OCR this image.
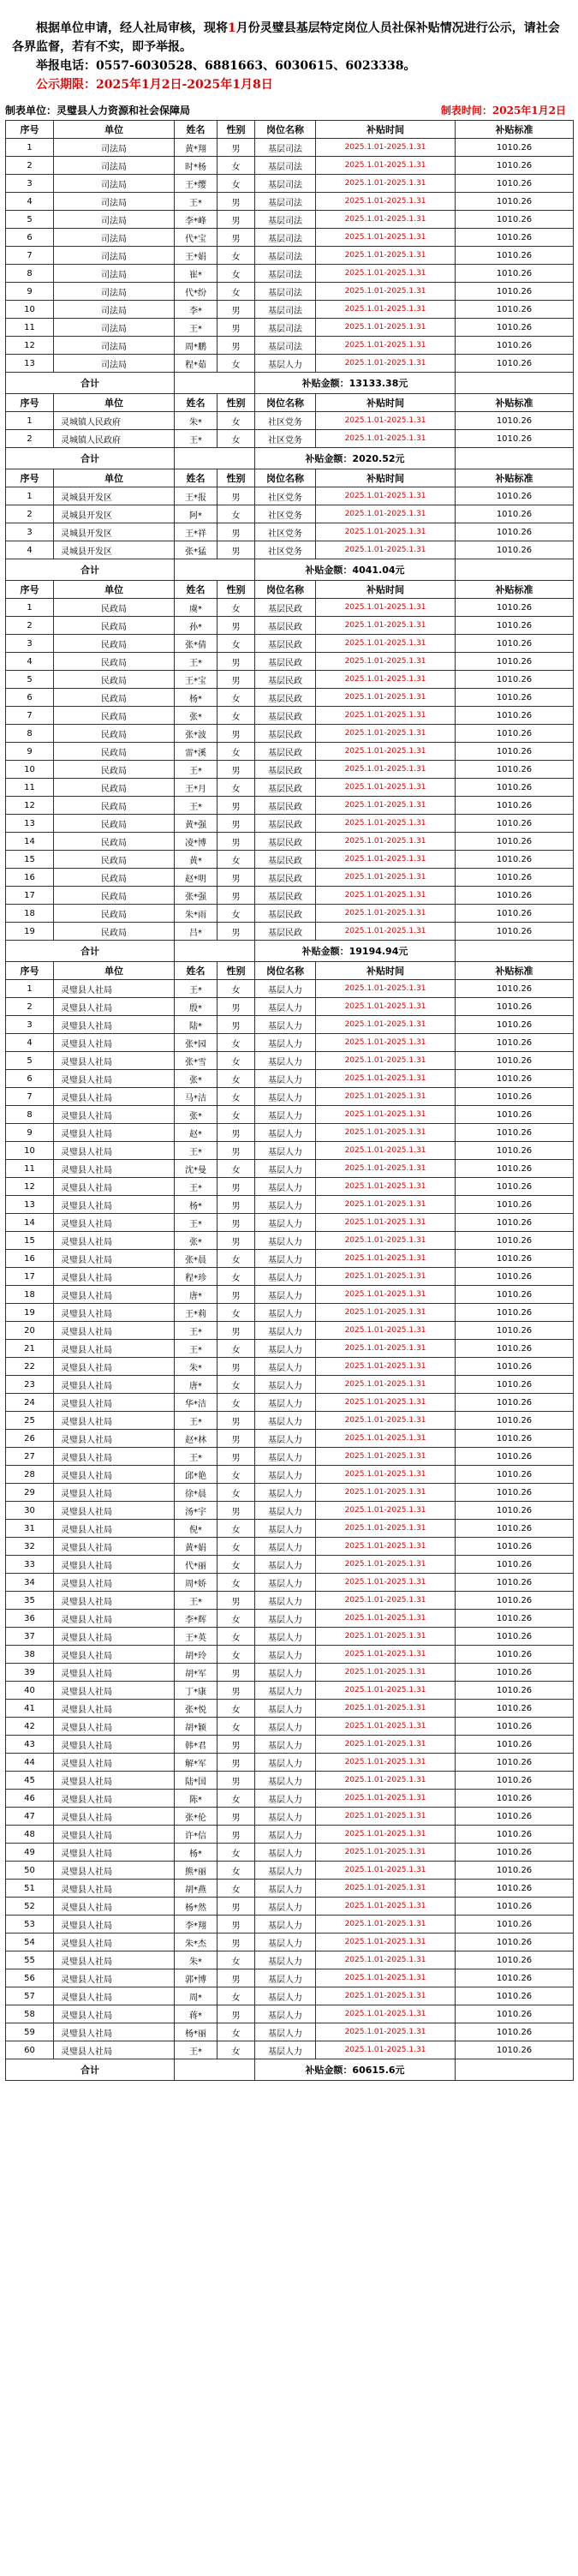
根据单位申请，经人社局审核，现将1月份灵璧县基层特定岗位人员社保补贴情况进行公示，请社会各界监督，若有不实，即予举报。

举报电话：0557-6030528、6881663、6030615、6023338。

公示期限：2025年1月2日-2025年1月8日

制表单位：灵璧县人力资源和社会保障局	制表时间：2025年1月2日
序号	单位	姓名	性别	岗位名称	补贴时间	补贴标准
1	司法局	黄*翔	男	基层司法	2025.1.01-2025.1.31	1010.26
2	司法局	时*杨	女	基层司法	2025.1.01-2025.1.31	1010.26
3	司法局	王*缨	女	基层司法	2025.1.01-2025.1.31	1010.26
4	司法局	王*	男	基层司法	2025.1.01-2025.1.31	1010.26
5	司法局	李*峰	男	基层司法	2025.1.01-2025.1.31	1010.26
6	司法局	代*宝	男	基层司法	2025.1.01-2025.1.31	1010.26
7	司法局	王*娟	女	基层司法	2025.1.01-2025.1.31	1010.26
8	司法局	崔*	女	基层司法	2025.1.01-2025.1.31	1010.26
9	司法局	代*纷	女	基层司法	2025.1.01-2025.1.31	1010.26
10	司法局	李*	男	基层司法	2025.1.01-2025.1.31	1010.26
11	司法局	王*	男	基层司法	2025.1.01-2025.1.31	1010.26
12	司法局	周*鹏	男	基层司法	2025.1.01-2025.1.31	1010.26
13	司法局	程*茹	女	基层人力	2025.1.01-2025.1.31	1010.26
合计				补贴金额：13133.38元		
序号	单位	姓名	性别	岗位名称	补贴时间	补贴标准
1	灵城镇人民政府	朱*	女	社区党务	2025.1.01-2025.1.31	1010.26
2	灵城镇人民政府	王*	女	社区党务	2025.1.01-2025.1.31	1010.26
合计				补贴金额：2020.52元		
序号	单位	姓名	性别	岗位名称	补贴时间	补贴标准
1	灵城县开发区	王*报	男	社区党务	2025.1.01-2025.1.31	1010.26
2	灵城县开发区	阿*	女	社区党务	2025.1.01-2025.1.31	1010.26
3	灵城县开发区	王*祥	男	社区党务	2025.1.01-2025.1.31	1010.26
4	灵城县开发区	张*猛	男	社区党务	2025.1.01-2025.1.31	1010.26
合计				补贴金额：4041.04元		
序号	单位	姓名	性别	岗位名称	补贴时间	补贴标准
1	民政局	虞*	女	基层民政	2025.1.01-2025.1.31	1010.26
2	民政局	孙*	男	基层民政	2025.1.01-2025.1.31	1010.26
3	民政局	张*倩	女	基层民政	2025.1.01-2025.1.31	1010.26
4	民政局	王*	男	基层民政	2025.1.01-2025.1.31	1010.26
5	民政局	王*宝	男	基层民政	2025.1.01-2025.1.31	1010.26
6	民政局	杨*	女	基层民政	2025.1.01-2025.1.31	1010.26
7	民政局	张*	女	基层民政	2025.1.01-2025.1.31	1010.26
8	民政局	张*波	男	基层民政	2025.1.01-2025.1.31	1010.26
9	民政局	雷*溪	女	基层民政	2025.1.01-2025.1.31	1010.26
10	民政局	王*	男	基层民政	2025.1.01-2025.1.31	1010.26
11	民政局	王*月	女	基层民政	2025.1.01-2025.1.31	1010.26
12	民政局	王*	男	基层民政	2025.1.01-2025.1.31	1010.26
13	民政局	黄*强	男	基层民政	2025.1.01-2025.1.31	1010.26
14	民政局	凌*博	男	基层民政	2025.1.01-2025.1.31	1010.26
15	民政局	黄*	女	基层民政	2025.1.01-2025.1.31	1010.26
16	民政局	赵*明	男	基层民政	2025.1.01-2025.1.31	1010.26
17	民政局	张*强	男	基层民政	2025.1.01-2025.1.31	1010.26
18	民政局	朱*雨	女	基层民政	2025.1.01-2025.1.31	1010.26
19	民政局	吕*	男	基层民政	2025.1.01-2025.1.31	1010.26
合计				补贴金额：19194.94元		
序号	单位	姓名	性别	岗位名称	补贴时间	补贴标准
1	灵璧县人社局	王*	女	基层人力	2025.1.01-2025.1.31	1010.26
2	灵璧县人社局	殷*	男	基层人力	2025.1.01-2025.1.31	1010.26
3	灵璧县人社局	陆*	男	基层人力	2025.1.01-2025.1.31	1010.26
4	灵璧县人社局	张*园	女	基层人力	2025.1.01-2025.1.31	1010.26
5	灵璧县人社局	张*雪	女	基层人力	2025.1.01-2025.1.31	1010.26
6	灵璧县人社局	张*	女	基层人力	2025.1.01-2025.1.31	1010.26
7	灵璧县人社局	马*洁	女	基层人力	2025.1.01-2025.1.31	1010.26
8	灵璧县人社局	张*	女	基层人力	2025.1.01-2025.1.31	1010.26
9	灵璧县人社局	赵*	男	基层人力	2025.1.01-2025.1.31	1010.26
10	灵璧县人社局	王*	男	基层人力	2025.1.01-2025.1.31	1010.26
11	灵璧县人社局	沈*曼	女	基层人力	2025.1.01-2025.1.31	1010.26
12	灵璧县人社局	王*	男	基层人力	2025.1.01-2025.1.31	1010.26
13	灵璧县人社局	杨*	男	基层人力	2025.1.01-2025.1.31	1010.26
14	灵璧县人社局	王*	男	基层人力	2025.1.01-2025.1.31	1010.26
15	灵璧县人社局	张*	男	基层人力	2025.1.01-2025.1.31	1010.26
16	灵璧县人社局	张*晨	女	基层人力	2025.1.01-2025.1.31	1010.26
17	灵璧县人社局	程*珍	女	基层人力	2025.1.01-2025.1.31	1010.26
18	灵璧县人社局	唐*	男	基层人力	2025.1.01-2025.1.31	1010.26
19	灵璧县人社局	王*莉	女	基层人力	2025.1.01-2025.1.31	1010.26
20	灵璧县人社局	王*	男	基层人力	2025.1.01-2025.1.31	1010.26
21	灵璧县人社局	王*	女	基层人力	2025.1.01-2025.1.31	1010.26
22	灵璧县人社局	朱*	男	基层人力	2025.1.01-2025.1.31	1010.26
23	灵璧县人社局	唐*	女	基层人力	2025.1.01-2025.1.31	1010.26
24	灵璧县人社局	华*洁	女	基层人力	2025.1.01-2025.1.31	1010.26
25	灵璧县人社局	王*	男	基层人力	2025.1.01-2025.1.31	1010.26
26	灵璧县人社局	赵*林	男	基层人力	2025.1.01-2025.1.31	1010.26
27	灵璧县人社局	王*	男	基层人力	2025.1.01-2025.1.31	1010.26
28	灵璧县人社局	邱*艳	女	基层人力	2025.1.01-2025.1.31	1010.26
29	灵璧县人社局	徐*晨	女	基层人力	2025.1.01-2025.1.31	1010.26
30	灵璧县人社局	汤*宇	男	基层人力	2025.1.01-2025.1.31	1010.26
31	灵璧县人社局	倪*	女	基层人力	2025.1.01-2025.1.31	1010.26
32	灵璧县人社局	黄*娟	女	基层人力	2025.1.01-2025.1.31	1010.26
33	灵璧县人社局	代*丽	女	基层人力	2025.1.01-2025.1.31	1010.26
34	灵璧县人社局	周*娇	女	基层人力	2025.1.01-2025.1.31	1010.26
35	灵璧县人社局	王*	男	基层人力	2025.1.01-2025.1.31	1010.26
36	灵璧县人社局	李*辉	女	基层人力	2025.1.01-2025.1.31	1010.26
37	灵璧县人社局	王*英	女	基层人力	2025.1.01-2025.1.31	1010.26
38	灵璧县人社局	胡*玲	女	基层人力	2025.1.01-2025.1.31	1010.26
39	灵璧县人社局	胡*军	男	基层人力	2025.1.01-2025.1.31	1010.26
40	灵璧县人社局	丁*康	男	基层人力	2025.1.01-2025.1.31	1010.26
41	灵璧县人社局	张*悦	女	基层人力	2025.1.01-2025.1.31	1010.26
42	灵璧县人社局	胡*颖	女	基层人力	2025.1.01-2025.1.31	1010.26
43	灵璧县人社局	韩*君	男	基层人力	2025.1.01-2025.1.31	1010.26
44	灵璧县人社局	解*军	男	基层人力	2025.1.01-2025.1.31	1010.26
45	灵璧县人社局	陆*国	男	基层人力	2025.1.01-2025.1.31	1010.26
46	灵璧县人社局	陈*	女	基层人力	2025.1.01-2025.1.31	1010.26
47	灵璧县人社局	张*伦	男	基层人力	2025.1.01-2025.1.31	1010.26
48	灵璧县人社局	许*信	男	基层人力	2025.1.01-2025.1.31	1010.26
49	灵璧县人社局	杨*	女	基层人力	2025.1.01-2025.1.31	1010.26
50	灵璧县人社局	熊*丽	女	基层人力	2025.1.01-2025.1.31	1010.26
51	灵璧县人社局	胡*燕	女	基层人力	2025.1.01-2025.1.31	1010.26
52	灵璧县人社局	杨*然	男	基层人力	2025.1.01-2025.1.31	1010.26
53	灵璧县人社局	李*翔	男	基层人力	2025.1.01-2025.1.31	1010.26
54	灵璧县人社局	朱*杰	男	基层人力	2025.1.01-2025.1.31	1010.26
55	灵璧县人社局	朱*	女	基层人力	2025.1.01-2025.1.31	1010.26
56	灵璧县人社局	郭*博	男	基层人力	2025.1.01-2025.1.31	1010.26
57	灵璧县人社局	周*	女	基层人力	2025.1.01-2025.1.31	1010.26
58	灵璧县人社局	蒋*	男	基层人力	2025.1.01-2025.1.31	1010.26
59	灵璧县人社局	杨*丽	女	基层人力	2025.1.01-2025.1.31	1010.26
60	灵璧县人社局	王*	女	基层人力	2025.1.01-2025.1.31	1010.26
合计				补贴金额：60615.6元		
